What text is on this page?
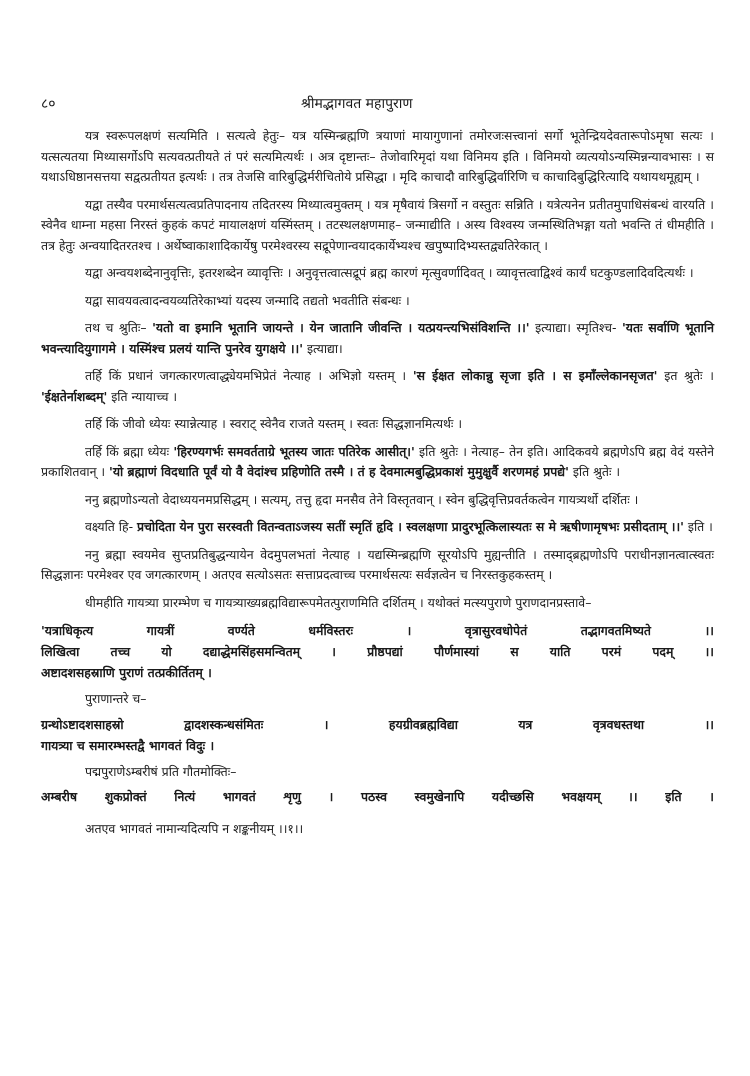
८०	श्रीमद्भागवत महापुराण

यत्र स्वरूपलक्षणं सत्यमिति । सत्यत्वे हेतुः– यत्र यस्मिन्ब्रह्मणि त्रयाणां मायागुणानां तमोरजःसत्त्वानां सर्गो भूतेन्द्रियदेवतारूपोऽमृषा सत्यः । यत्सत्यतया मिथ्यासर्गोऽपि सत्यवत्प्रतीयते तं परं सत्यमित्यर्थः । अत्र दृष्टान्तः– तेजोवारिमृदां यथा विनिमय इति । विनिमयो व्यत्ययोऽन्यस्मिन्नन्यावभासः । स यथाऽधिष्ठानसत्तया सद्वत्प्रतीयत इत्यर्थः । तत्र तेजसि वारिबुद्धिर्मरीचितोये प्रसिद्धा । मृदि काचादौ वारिबुद्धिर्वारिणि च काचादिबुद्धिरित्यादि यथायथमूह्यम् ।

यद्वा तस्यैव परमार्थसत्यत्वप्रतिपादनाय तदितरस्य मिथ्यात्वमुक्तम् । यत्र मृषैवायं त्रिसर्गो न वस्तुतः सन्निति । यत्रेत्यनेन प्रतीतमुपाधिसंबन्धं वारयति । स्वेनैव धाम्ना महसा निरस्तं कुहकं कपटं मायालक्षणं यस्मिंस्तम् । तटस्थलक्षणमाह– जन्माद्यीति । अस्य विश्वस्य जन्मस्थितिभङ्गा यतो भवन्ति तं धीमहीति । तत्र हेतुः अन्वयादितरतश्च । अर्थेष्वाकाशादिकार्येषु परमेश्वरस्य सद्रूपेणान्वयादकार्येभ्यश्च खपुष्पादिभ्यस्तद्व्यतिरेकात् ।

यद्वा अन्वयशब्देनानुवृत्तिः, इतरशब्देन व्यावृत्तिः । अनुवृत्तत्वात्सद्रूपं ब्रह्म कारणं मृत्सुवर्णादिवत् । व्यावृत्तत्वाद्विश्वं कार्यं घटकुण्डलादिवदित्यर्थः ।

यद्वा सावयवत्वादन्वयव्यतिरेकाभ्यां यदस्य जन्मादि तद्यतो भवतीति संबन्धः ।

तथ च श्रुतिः– 'यतो वा इमानि भूतानि जायन्ते । येन जातानि जीवन्ति । यत्प्रयन्त्यभिसंविशन्ति ।।' इत्याद्या। स्मृतिश्च- 'यतः सर्वाणि भूतानि भवन्त्यादियुगागमे । यस्मिंश्च प्रलयं यान्ति पुनरेव युगक्षये ।।' इत्याद्या।

तर्हि किं प्रधानं जगत्कारणत्वाद्ध्येयमभिप्रेतं नेत्याह । अभिज्ञो यस्तम् । 'स ईक्षत लोकान्नु सृजा इति । स इमाँल्लेकानसृजत' इत श्रुतेः । 'ईक्षतेर्नाशब्दम्' इति न्यायाच्च ।

तर्हि किं जीवो ध्येयः स्यान्नेत्याह । स्वराट् स्वेनैव राजते यस्तम् । स्वतः सिद्धज्ञानमित्यर्थः ।

तर्हि किं ब्रह्मा ध्येयः 'हिरण्यगर्भः समवर्तताग्रे भूतस्य जातः पतिरेक आसीत्।' इति श्रुतेः । नेत्याह– तेन इति। आदिकवये ब्रह्मणेऽपि ब्रह्म वेदं यस्तेने प्रकाशितवान् । 'यो ब्रह्माणं विदधाति पूर्वं यो वै वेदांश्च प्रहिणोति तस्मै । तं ह देवमात्मबुद्धिप्रकाशं मुमुक्षुर्वै शरणमहं प्रपद्ये' इति श्रुतेः ।

ननु ब्रह्मणोऽन्यतो वेदाध्ययनमप्रसिद्धम् । सत्यम्, तत्तु हृदा मनसैव तेने विस्तृतवान् । स्वेन बुद्धिवृत्तिप्रवर्तकत्वेन गायत्र्यर्थो दर्शितः ।

वक्ष्यति हि- प्रचोदिता येन पुरा सरस्वती वितन्वताऽजस्य सतीं स्मृतिं हृदि । स्वलक्षणा प्रादुरभूत्किलास्यतः स मे ऋषीणामृषभः प्रसीदताम् ।।' इति ।

ननु ब्रह्मा स्वयमेव सुप्तप्रतिबुद्धन्यायेन वेदमुपलभतां नेत्याह । यद्यस्मिन्ब्रह्मणि सूरयोऽपि मुह्यन्तीति । तस्माद्ब्रह्मणोऽपि पराधीनज्ञानत्वात्स्वतः सिद्धज्ञानः परमेश्वर एव जगत्कारणम् । अतएव सत्योऽसतः सत्ताप्रदत्वाच्च परमार्थसत्यः सर्वज्ञत्वेन च निरस्तकुहकस्तम् ।

धीमहीति गायत्र्या प्रारम्भेण च गायत्र्याख्यब्रह्मविद्यारूपमेतत्पुराणमिति दर्शितम् । यथोक्तं मत्स्यपुराणे पुराणदानप्रस्तावे–

'यत्राधिकृत्य गायत्रीं वर्ण्यते धर्मविस्तरः । वृत्रासुरवधोपेतं तद्भागवतमिष्यते ।।
लिखित्वा तच्च यो दद्याद्धेमसिंहसमन्वितम् । प्रौष्ठपद्यां पौर्णमास्यां स याति परमं पदम् ।।
अष्टादशसहस्राणि पुराणं तत्प्रकीर्तितम् ।

पुराणान्तरे च–

ग्रन्थोऽष्टादशसाहस्रो द्वादशस्कन्धसंमितः । हयग्रीवब्रह्मविद्या यत्र वृत्रवधस्तथा ।।
गायत्र्या च समारम्भस्तद्वै भागवतं विदुः ।

पद्मपुराणेऽम्बरीषं प्रति गौतमोक्तिः–

अम्बरीष शुकप्रोक्तं नित्यं भागवतं शृणु । पठस्व स्वमुखेनापि यदीच्छसि भवक्षयम् ।। इति ।

अतएव भागवतं नामान्यदित्यपि न शङ्कनीयम् ।।१।।
